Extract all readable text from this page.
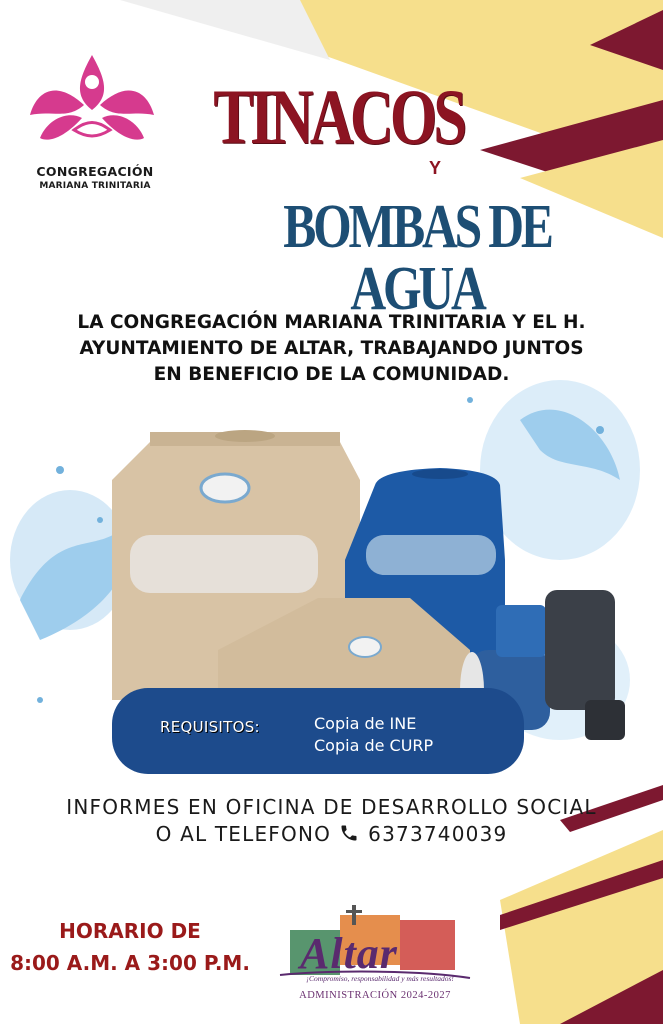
CONGREGACIÓN
MARIANA TRINITARIA
TINACOS
Y
BOMBAS DE AGUA
LA CONGREGACIÓN MARIANA TRINITARIA Y EL H.
AYUNTAMIENTO DE ALTAR, TRABAJANDO JUNTOS
EN BENEFICIO DE LA COMUNIDAD.
REQUISITOS:	Copia de INE
Copia de CURP
INFORMES EN OFICINA DE DESARROLLO SOCIAL
O AL TELEFONO  6373740039
HORARIO DE
8:00 A.M. A 3:00 P.M. Altar
¡Compromiso, responsabilidad y más resultados!
ADMINISTRACIÓN 2024-2027
